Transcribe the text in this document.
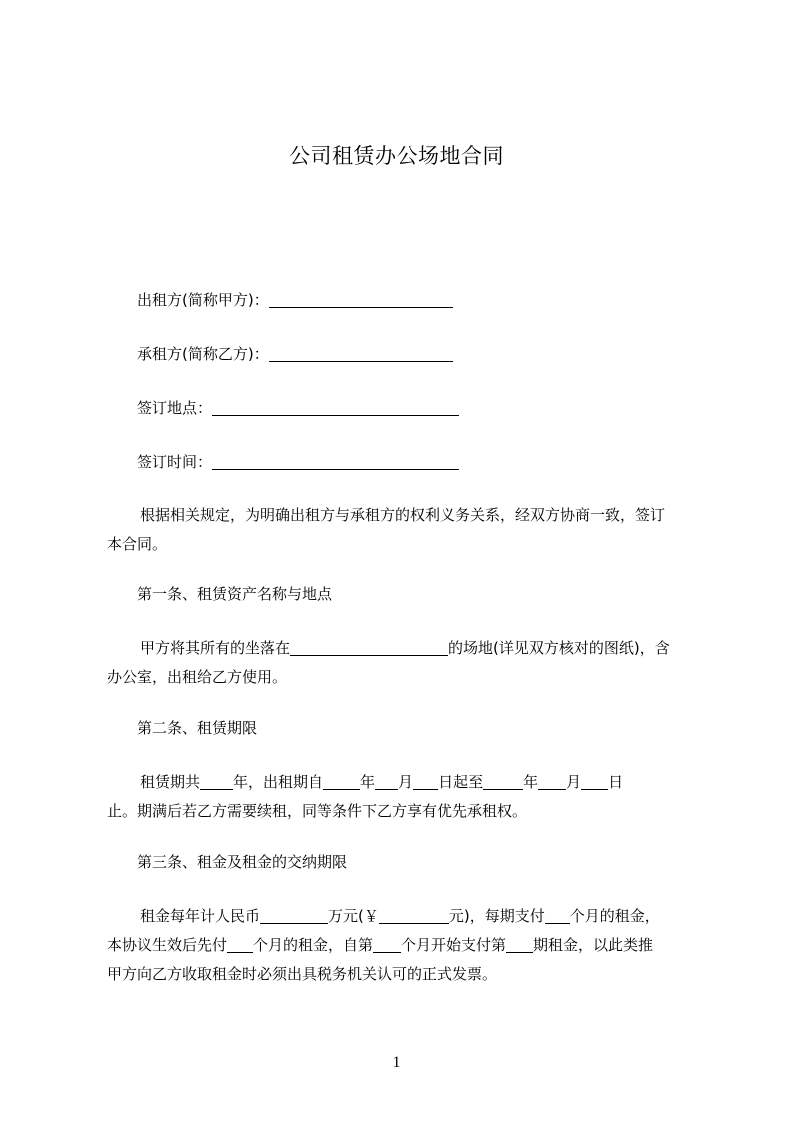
公司租赁办公场地合同
出租方(简称甲方)：
承租方(简称乙方)：
签订地点：
签订时间：
根据相关规定，为明确出租方与承租方的权利义务关系，经双方协商一致，签订
本合同。
第一条、租赁资产名称与地点
甲方将其所有的坐落在	的场地(详见双方核对的图纸)，含
办公室，出租给乙方使用。
第二条、租赁期限
租赁期共 年，出租期自 年 月 日起至	年 月 日
止。期满后若乙方需要续租，同等条件下乙方享有优先承租权。
第三条、租金及租金的交纳期限
租金每年计人民币	万元(￥	元)，每期支付 个月的租金，
本协议生效后先付 个月的租金，自第 个月开始支付第 期租金，以此类推
甲方向乙方收取租金时必须出具税务机关认可的正式发票。
1
